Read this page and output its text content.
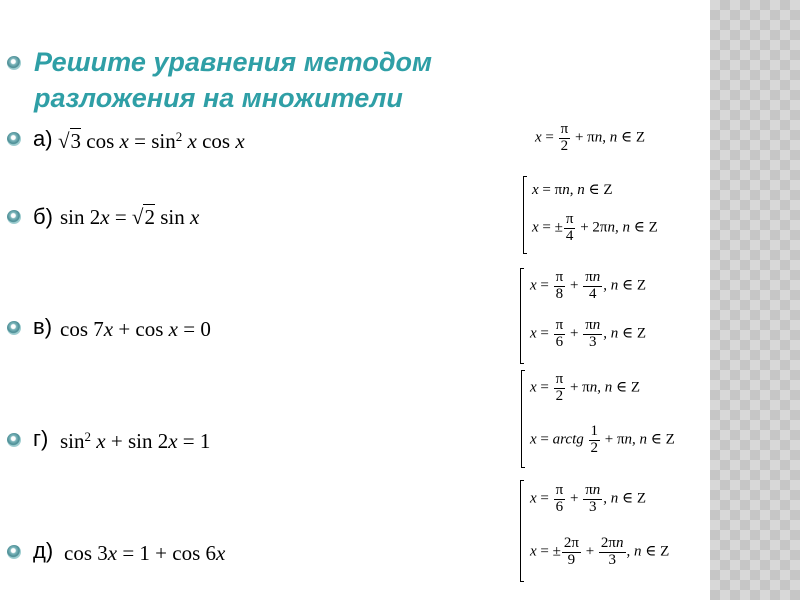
Решите уравнения методом разложения на множители
а) √3 $\cos x = \sin^2 x$ cos x
б) sin 2x = √2 sin x
в) cos 7x + cos x = 0
г) $\sin^2 x + \sin 2x = 1$
д) cos 3x = 1 + cos 6x
$x = \frac{\pi}{2} + \pi n$, n ∈ Z
x = πn, n ∈ Z
x = ± $\frac{\pi}{4} + 2\pi n$, n ∈ Z
$x = \frac{\pi}{8} + \frac{\pi n}{4}$ , n ∈ Z
$x = \frac{\pi}{6} + \frac{\pi n}{3}$ , n ∈ Z
$x = \frac{\pi}{2} + \pi n$, n ∈ Z
x = arctg $\frac{1}{2} + \pi n$, n ∈ Z
$x = \frac{\pi}{6} + \frac{\pi n}{3}$ , n ∈ Z
x = ± $\frac{2\pi}{9} + \frac{2\pi n}{3}$ , n ∈ Z
